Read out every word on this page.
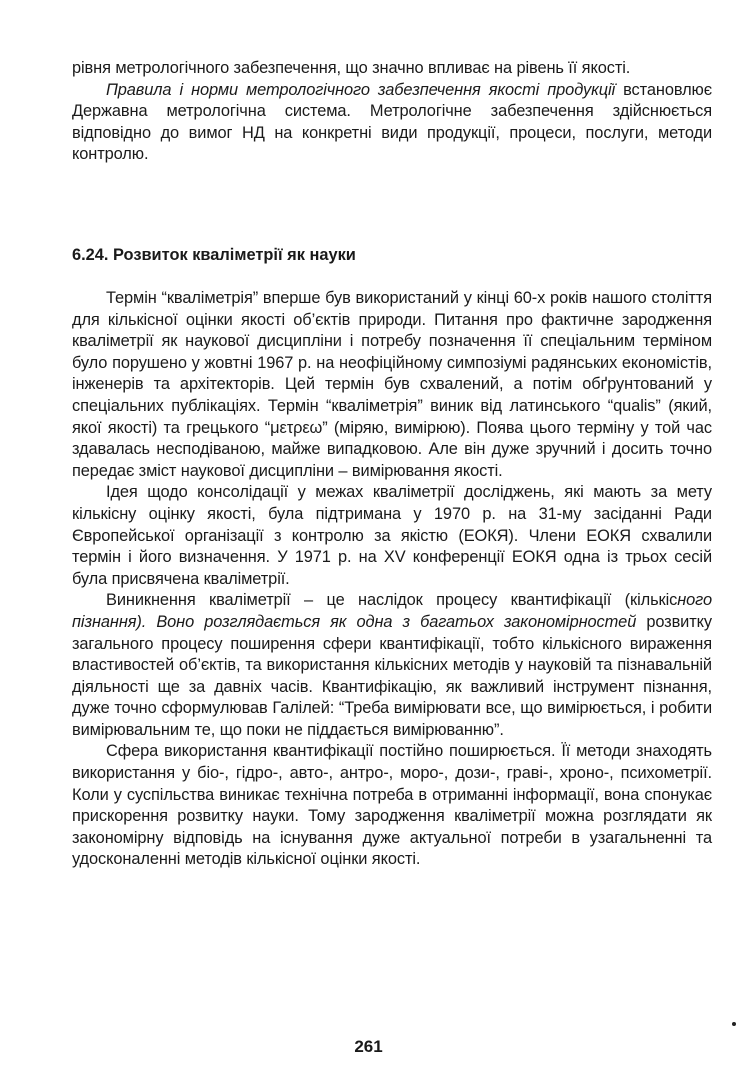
рівня метрологічного забезпечення, що значно впливає на рівень її якості.

Правила і норми метрологічного забезпечення якості продукції встановлює Державна метрологічна система. Метрологічне забезпечення здійснюється відповідно до вимог НД на конкретні види продукції, процеси, послуги, методи контролю.

6.24. Розвиток кваліметрії як науки

Термін “кваліметрія” вперше був використаний у кінці 60-х років нашого століття для кількісної оцінки якості об’єктів природи. Питання про фактичне зародження кваліметрії як наукової дисципліни і потребу позначення її спеціальним терміном було порушено у жовтні 1967 р. на неофіційному симпозіумі радянських економістів, інженерів та архітекторів. Цей термін був схвалений, а потім обґрунтований у спеціальних публікаціях. Термін “кваліметрія” виник від латинського “qualis” (який, якої якості) та грецького “μετρεω” (міряю, вимірюю). Поява цього терміну у той час здавалась несподіваною, майже випадковою. Але він дуже зручний і досить точно передає зміст наукової дисципліни – вимірювання якості.

Ідея щодо консолідації у межах кваліметрії досліджень, які мають за мету кількісну оцінку якості, була підтримана у 1970 р. на 31-му засіданні Ради Європейської організації з контролю за якістю (ЕОКЯ). Члени ЕОКЯ схвалили термін і його визначення. У 1971 р. на XV конференції ЕОКЯ одна із трьох сесій була присвячена кваліметрії.

Виникнення кваліметрії – це наслідок процесу квантифікації (кількісного пізнання). Воно розглядається як одна з багатьох закономірностей розвитку загального процесу поширення сфери квантифікації, тобто кількісного вираження властивостей об’єктів, та використання кількісних методів у науковій та пізнавальній діяльності ще за давніх часів. Квантифікацію, як важливий інструмент пізнання, дуже точно сформулював Галілей: “Треба вимірювати все, що вимірюється, і робити вимірювальним те, що поки не піддається вимірюванню”.

Сфера використання квантифікації постійно поширюється. Її методи знаходять використання у біо-, гідро-, авто-, антро-, моро-, дози-, граві-, хроно-, психометрії. Коли у суспільства виникає технічна потреба в отриманні інформації, вона спонукає прискорення розвитку науки. Тому зародження кваліметрії можна розглядати як закономірну відповідь на існування дуже актуальної потреби в узагальненні та удосконаленні методів кількісної оцінки якості.

261
